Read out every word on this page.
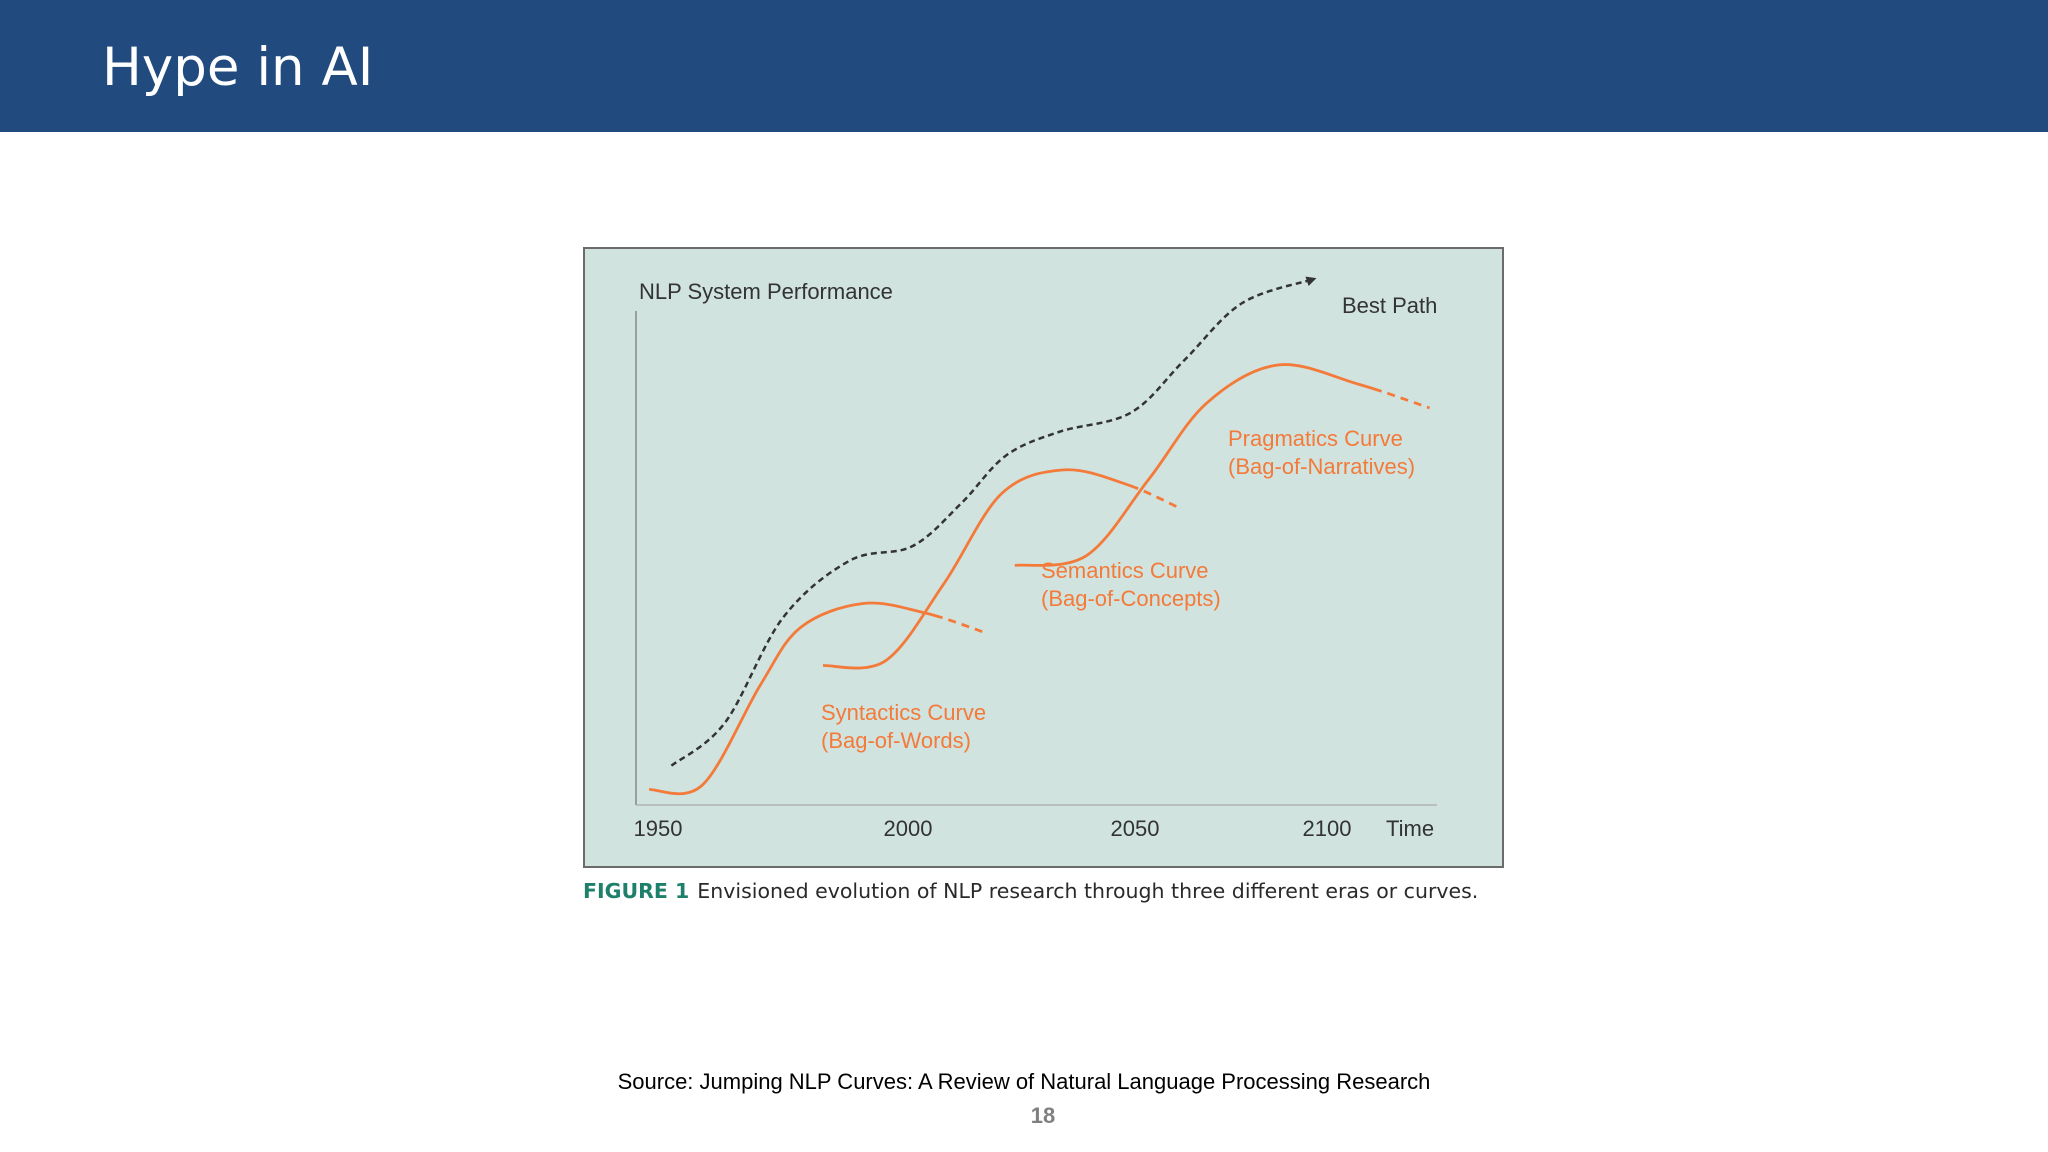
Hype in AI
NLP System Performance
1950	2000	2050	2100 Time
Best Path
Syntactics Curve
(Bag-of-Words)
Semantics Curve
(Bag-of-Concepts)
Pragmatics Curve
(Bag-of-Narratives)
FIGURE 1 Envisioned evolution of NLP research through three different eras or curves.
Source: Jumping NLP Curves: A Review of Natural Language Processing Research
18
